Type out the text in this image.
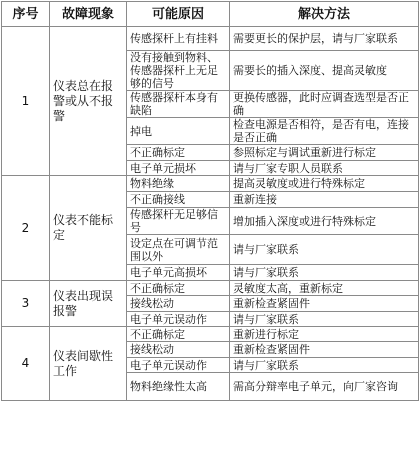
序号	故障现象	可能原因	解决方法
1	仪表总在报警或从不报警	传感探杆上有挂料	需要更长的保护层，请与厂家联系
		没有接触到物料、传感器探杆上无足够的信号	需要长的插入深度、提高灵敏度
		传感器探杆本身有缺陷	更换传感器，此时应调查选型是否正确
		掉电	检查电源是否相符，是否有电，连接是否正确
		不正确标定	参照标定与调试重新进行标定
		电子单元损坏	请与厂家专职人员联系
2	仪表不能标定	物料绝缘	提高灵敏度或进行特殊标定
		不正确接线	重新连接
		传感探杆无足够信号	增加插入深度或进行特殊标定
		设定点在可调节范围以外	请与厂家联系
		电子单元高损坏	请与厂家联系
3	仪表出现误报警	不正确标定	灵敏度太高，重新标定
		接线松动	重新检查紧固件
		电子单元误动作	请与厂家联系
4	仪表间歇性工作	不正确标定	重新进行标定
		接线松动	重新检查紧固件
		电子单元误动作	请与厂家联系
		物料绝缘性太高	需高分辩率电子单元，向厂家咨询
